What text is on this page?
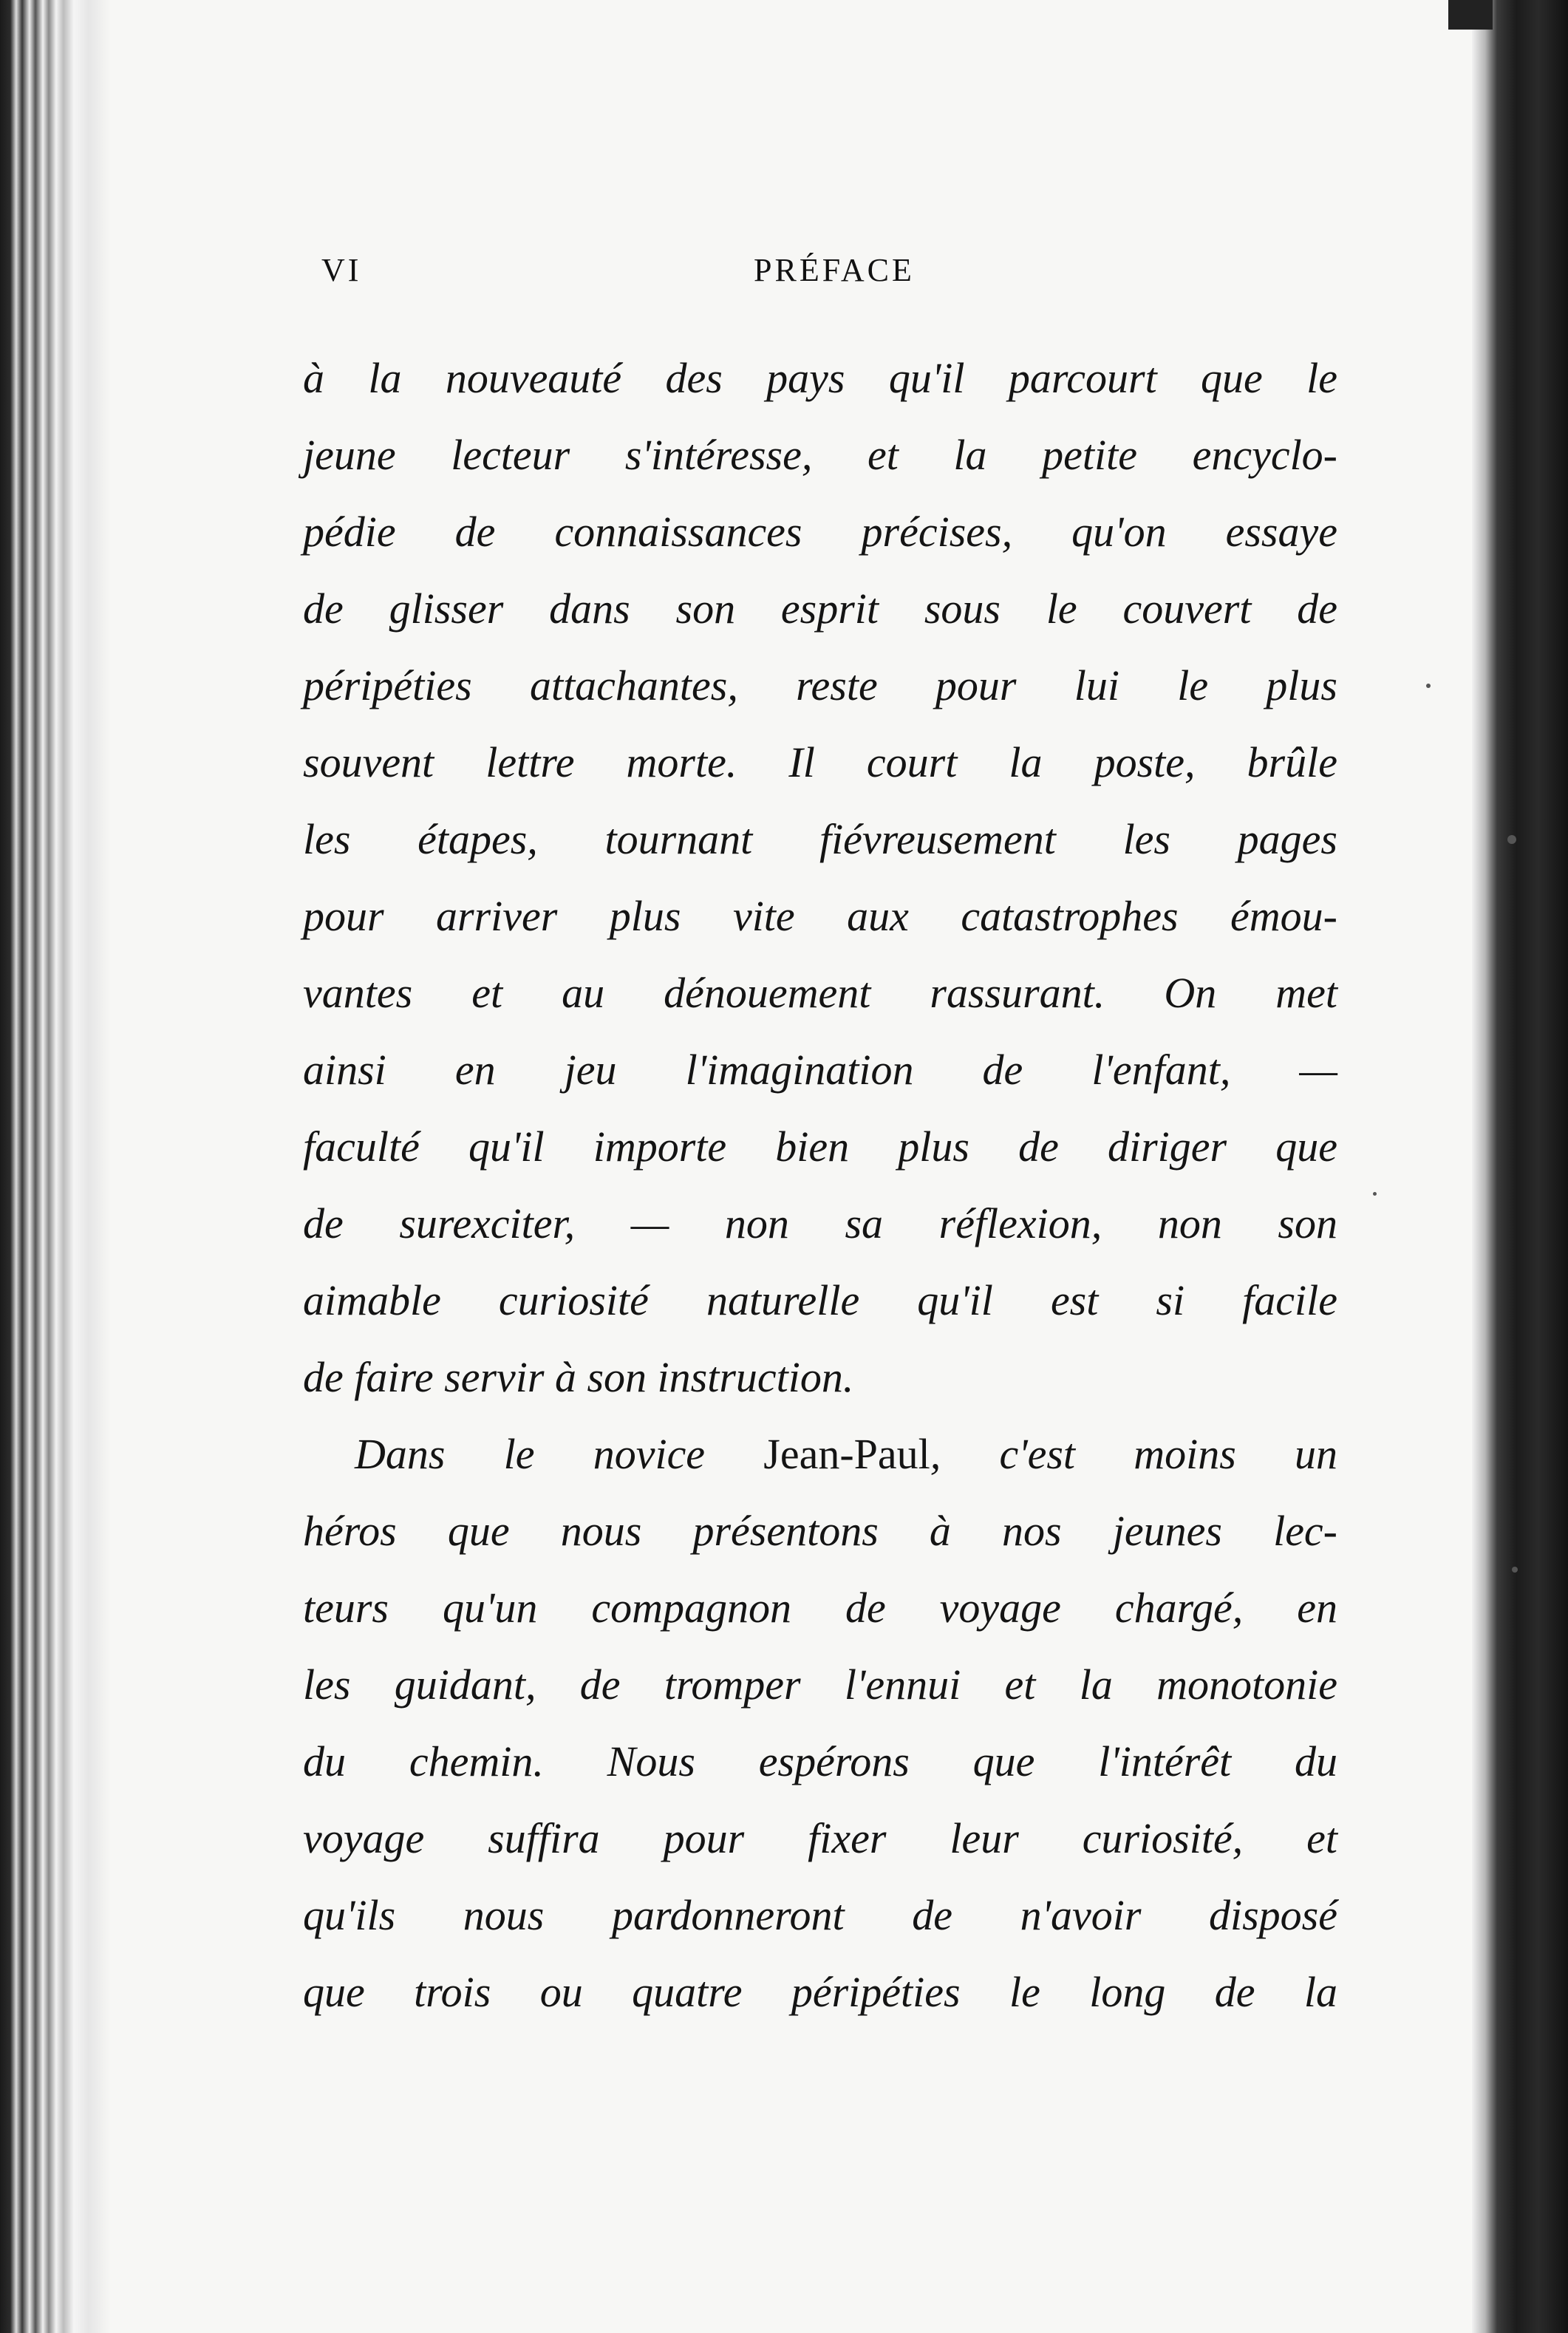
VI	PRÉFACE
à la nouveauté des pays qu'il parcourt que le
jeune lecteur s'intéresse, et la petite encyclo-
pédie de connaissances précises, qu'on essaye
de glisser dans son esprit sous le couvert de
péripéties attachantes, reste pour lui le plus
souvent lettre morte. Il court la poste, brûle
les étapes, tournant fiévreusement les pages
pour arriver plus vite aux catastrophes émou-
vantes et au dénouement rassurant. On met
ainsi en jeu l'imagination de l'enfant, —
faculté qu'il importe bien plus de diriger que
de surexciter, — non sa réflexion, non son
aimable curiosité naturelle qu'il est si facile
de faire servir à son instruction.
Dans le novice Jean-Paul, c'est moins un
héros que nous présentons à nos jeunes lec-
teurs qu'un compagnon de voyage chargé, en
les guidant, de tromper l'ennui et la monotonie
du chemin. Nous espérons que l'intérêt du
voyage suffira pour fixer leur curiosité, et
qu'ils nous pardonneront de n'avoir disposé
que trois ou quatre péripéties le long de la
